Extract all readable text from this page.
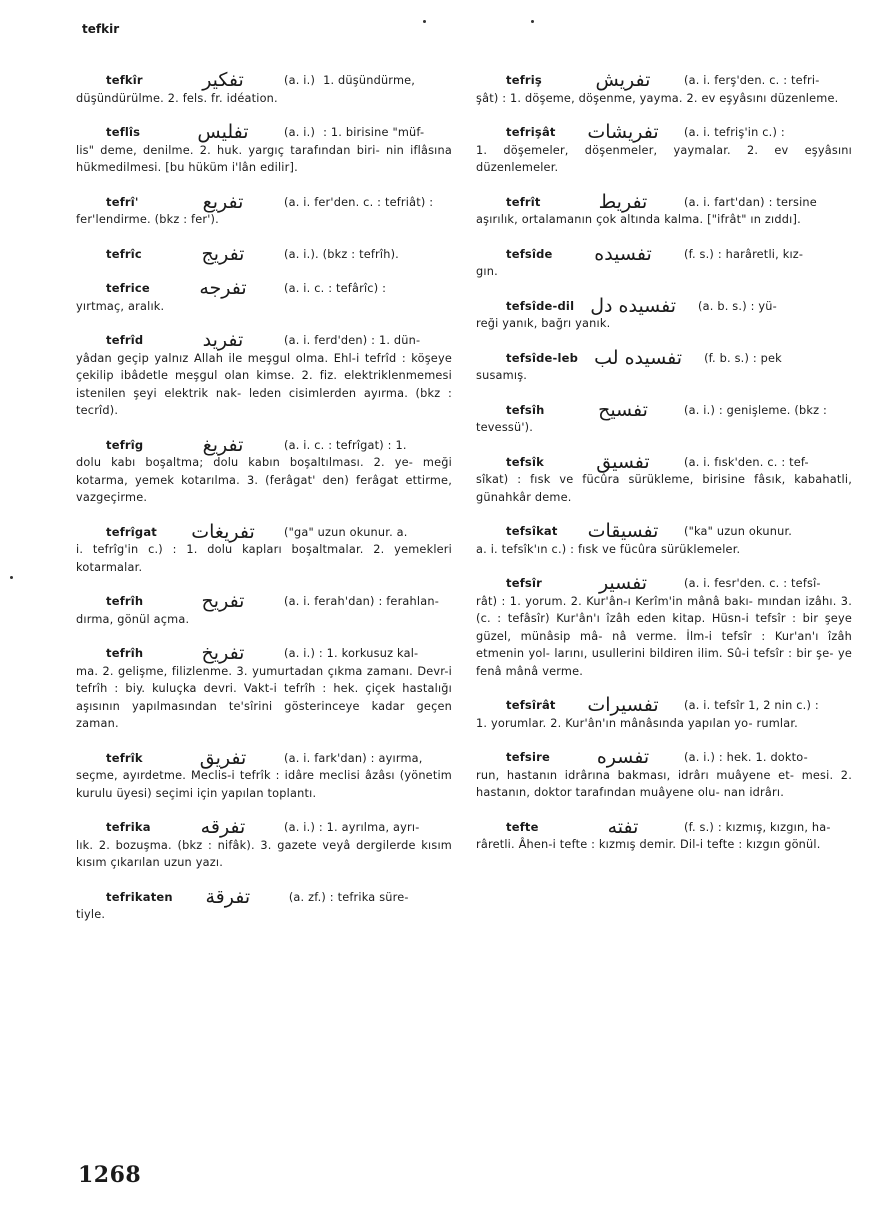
tefkir
tefkîr	تفكير	(a. i.) 1. düşündürme,
düşündürülme. 2. fels. fr. idéation.
teflîs	تفليس	(a. i.) : 1. birisine "müf-
lis" deme, denilme. 2. huk. yargıç tarafından biri- nin iflâsına hükmedilmesi. [bu hüküm i'lân edilir].
tefrî'	تفريع	(a. i. fer'den. c. : tefriât) :
fer'lendirme. (bkz : fer').
tefrîc	تفريج	(a. i.). (bkz : tefrîh).
tefrice	تفرجه	(a. i. c. : tefârîc) :
yırtmaç, aralık.
tefrîd	تفريد	(a. i. ferd'den) : 1. dün-
yâdan geçip yalnız Allah ile meşgul olma. Ehl-i tefrîd : köşeye çekilip ibâdetle meşgul olan kimse. 2. fiz. elektriklenmemesi istenilen şeyi elektrik nak- leden cisimlerden ayırma. (bkz : tecrîd).
tefrîg	تفريغ	(a. i. c. : tefrîgat) : 1.
dolu kabı boşaltma; dolu kabın boşaltılması. 2. ye- meği kotarma, yemek kotarılma. 3. (ferâgat' den) ferâgat ettirme, vazgeçirme.
tefrîgat	تفريغات	("ga" uzun okunur. a.
i. tefrîg'in c.) : 1. dolu kapları boşaltmalar. 2. yemekleri kotarmalar.
tefrîh	تفريح	(a. i. ferah'dan) : ferahlan-
dırma, gönül açma.
tefrîh	تفريخ	(a. i.) : 1. korkusuz kal-
ma. 2. gelişme, filizlenme. 3. yumurtadan çıkma zamanı. Devr-i tefrîh : biy. kuluçka devri. Vakt-i tefrîh : hek. çiçek hastalığı aşısının yapılmasından te'sîrini gösterinceye kadar geçen zaman.
tefrîk	تفريق	(a. i. fark'dan) : ayırma,
seçme, ayırdetme. Meclis-i tefrîk : idâre meclisi âzâsı (yönetim kurulu üyesi) seçimi için yapılan toplantı.
tefrika	تفرقه	(a. i.) : 1. ayrılma, ayrı-
lık. 2. bozuşma. (bkz : nifâk). 3. gazete veyâ dergilerde kısım kısım çıkarılan uzun yazı.
tefrikaten	تفرقة	(a. zf.) : tefrika süre-
tiyle.
tefriş	تفريش	(a. i. ferş'den. c. : tefri-
şât) : 1. döşeme, döşenme, yayma. 2. ev eşyâsını düzenleme.
tefrişât	تفريشات (a. i. tefriş'in c.) :
1. döşemeler, döşenmeler, yaymalar. 2. ev eşyâsını düzenlemeler.
tefrît	تفريط	(a. i. fart'dan) : tersine
aşırılık, ortalamanın çok altında kalma. ["ifrât" ın zıddı].
tefsîde	تفسيده	(f. s.) : harâretli, kız-
gın.
tefsîde-dil تفسيده دل (a. b. s.) : yü-
reği yanık, bağrı yanık.
tefsîde-leb تفسيده لب (f. b. s.) : pek
susamış.
tefsîh	تفسيح	(a. i.) : genişleme. (bkz :
tevessü').
tefsîk	تفسيق	(a. i. fısk'den. c. : tef-
sîkat) : fısk ve fücûra sürükleme, birisine fâsık, kabahatli, günahkâr deme.
tefsîkat	تفسيقات	("ka" uzun okunur.
a. i. tefsîk'ın c.) : fısk ve fücûra sürüklemeler.
tefsîr	تفسير	(a. i. fesr'den. c. : tefsî-
rât) : 1. yorum. 2. Kur'ân-ı Kerîm'in mânâ bakı- mından izâhı. 3. (c. : tefâsîr) Kur'ân'ı îzâh eden kitap. Hüsn-i tefsîr : bir şeye güzel, münâsip mâ- nâ verme. İlm-i tefsîr : Kur'an'ı îzâh etmenin yol- larını, usullerini bildiren ilim. Sû-i tefsîr : bir şe- ye fenâ mânâ verme.
tefsîrât	تفسيرات	(a. i. tefsîr 1, 2 nin c.) :
1. yorumlar. 2. Kur'ân'ın mânâsında yapılan yo- rumlar.
tefsire	تفسره	(a. i.) : hek. 1. dokto-
run, hastanın idrârına bakması, idrârı muâyene et- mesi. 2. hastanın, doktor tarafından muâyene olu- nan idrârı.
tefte	تفته	(f. s.) : kızmış, kızgın, ha-
râretli. Âhen-i tefte : kızmış demir. Dil-i tefte : kızgın gönül.
1268
